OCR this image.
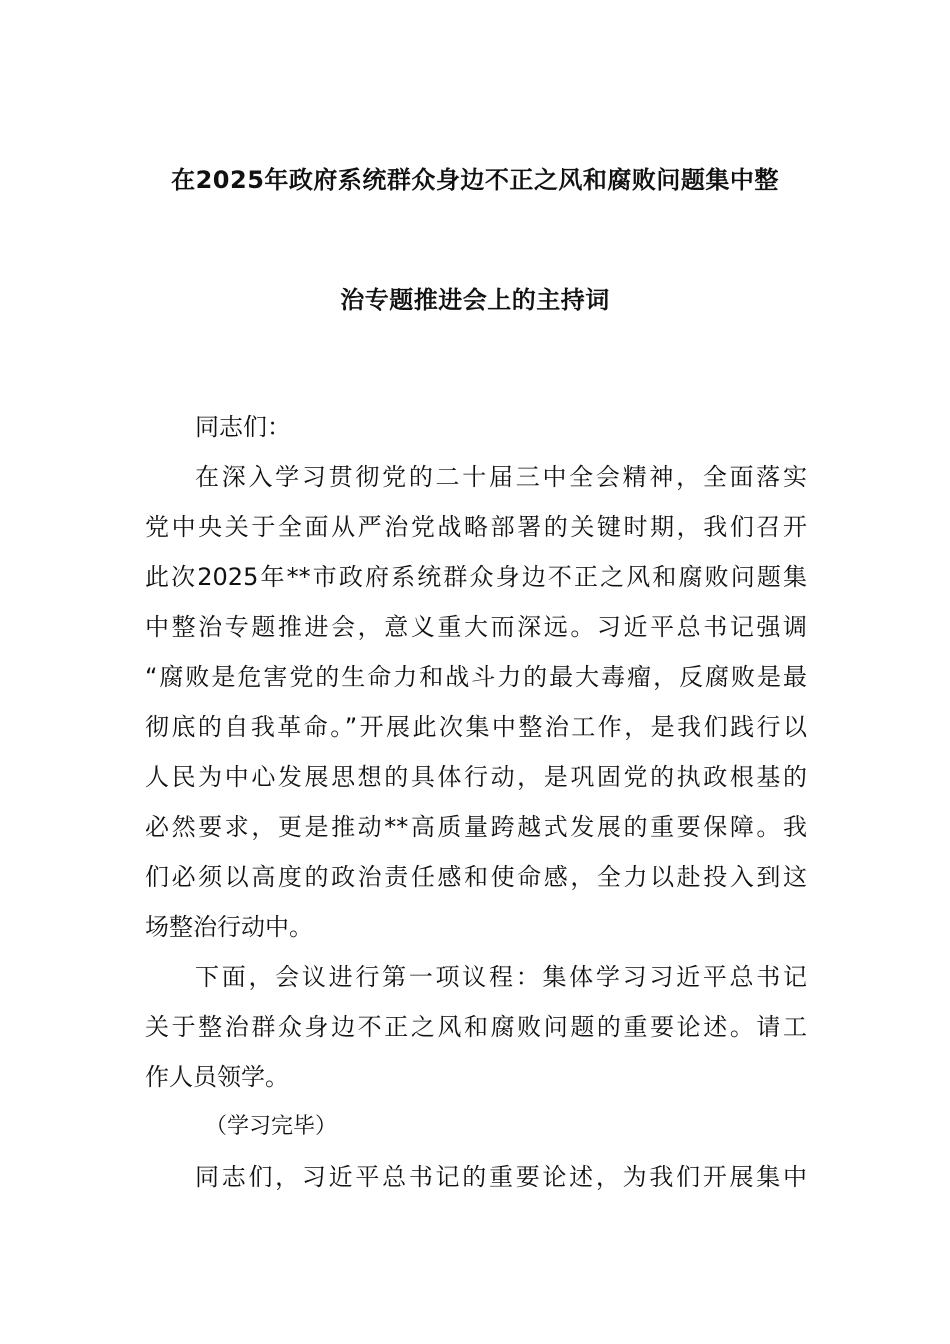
在2025年政府系统群众身边不正之风和腐败问题集中整
治专题推进会上的主持词
同志们：
在深入学习贯彻党的二十届三中全会精神，全面落实
党中央关于全面从严治党战略部署的关键时期，我们召开
此次2025年**市政府系统群众身边不正之风和腐败问题集
中整治专题推进会，意义重大而深远。习近平总书记强调
“腐败是危害党的生命力和战斗力的最大毒瘤，反腐败是最
彻底的自我革命。”开展此次集中整治工作，是我们践行以
人民为中心发展思想的具体行动，是巩固党的执政根基的
必然要求，更是推动**高质量跨越式发展的重要保障。我
们必须以高度的政治责任感和使命感，全力以赴投入到这
场整治行动中。
下面，会议进行第一项议程：集体学习习近平总书记
关于整治群众身边不正之风和腐败问题的重要论述。请工
作人员领学。
（学习完毕）
同志们，习近平总书记的重要论述，为我们开展集中
